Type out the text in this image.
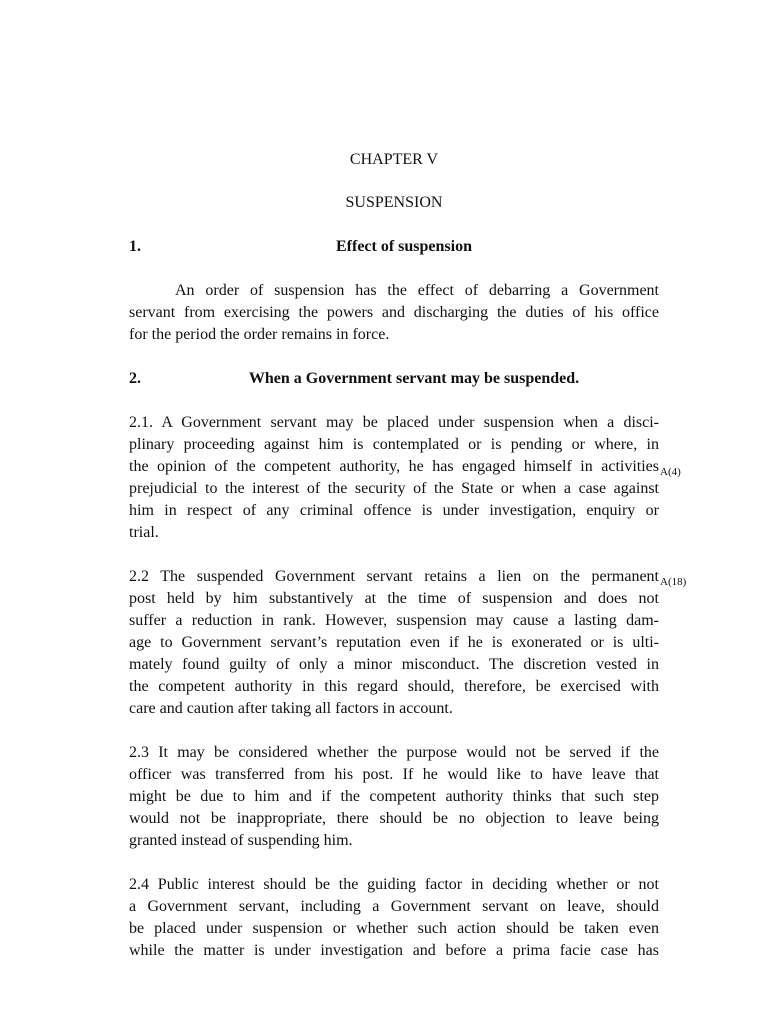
CHAPTER V
SUSPENSION
1.	Effect of suspension
An order of suspension has the effect of debarring a Government
servant from exercising the powers and discharging the duties of his office
for the period the order remains in force.
2.	When a Government servant may be suspended.
2.1. A Government servant may be placed under suspension when a disci-
plinary proceeding against him is contemplated or is pending or where, in
the opinion of the competent authority, he has engaged himself in activities
prejudicial to the interest of the security of the State or when a case against
him in respect of any criminal offence is under investigation, enquiry or
trial.
2.2 The suspended Government servant retains a lien on the permanent
post held by him substantively at the time of suspension and does not
suffer a reduction in rank. However, suspension may cause a lasting dam-
age to Government servant’s reputation even if he is exonerated or is ulti-
mately found guilty of only a minor misconduct. The discretion vested in
the competent authority in this regard should, therefore, be exercised with
care and caution after taking all factors in account.
2.3 It may be considered whether the purpose would not be served if the
officer was transferred from his post. If he would like to have leave that
might be due to him and if the competent authority thinks that such step
would not be inappropriate, there should be no objection to leave being
granted instead of suspending him.
2.4 Public interest should be the guiding factor in deciding whether or not
a Government servant, including a Government servant on leave, should
be placed under suspension or whether such action should be taken even
while the matter is under investigation and before a prima facie case has
A(4)
A(18)
